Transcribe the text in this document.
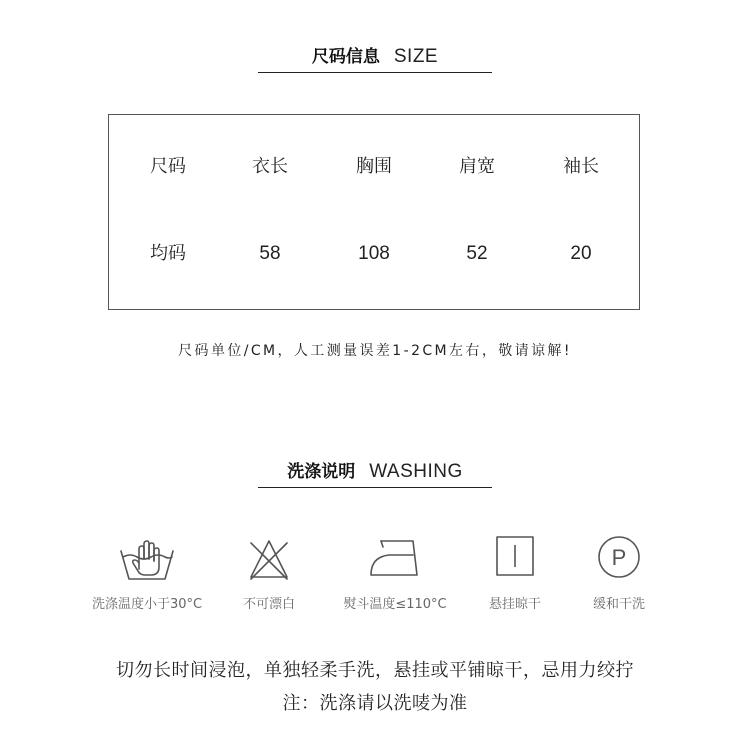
尺码信息 SIZE
尺码	衣长	胸围	肩宽	袖长
均码	58	108	52	20
尺码单位/CM，人工测量误差1-2CM左右，敬请谅解!
洗涤说明 WASHING
洗涤温度小于30°C	不可漂白	熨斗温度≤110°C	悬挂晾干
P
缓和干洗
切勿长时间浸泡，单独轻柔手洗，悬挂或平铺晾干，忌用力绞拧
注：洗涤请以洗唛为准
